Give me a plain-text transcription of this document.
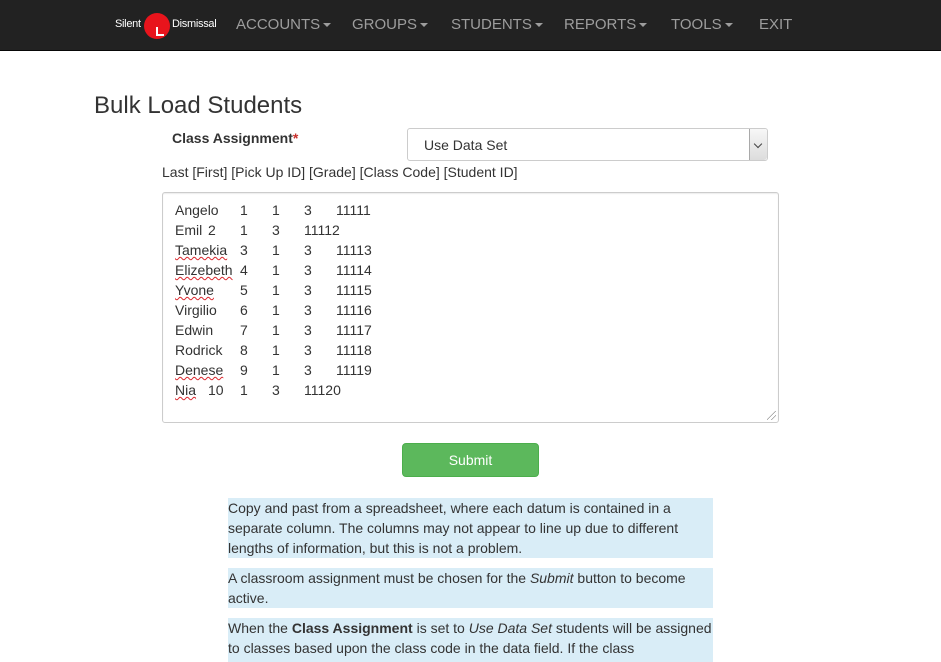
Silent	Dismissal ACCOUNTS	GROUPS	STUDENTS	REPORTS	TOOLS	EXIT
Bulk Load Students
Class Assignment*	Use Data Set
Last [First] [Pick Up ID] [Grade] [Class Code] [Student ID]
Angelo 1 1 3 11111
Emil 2 1 3 11112
Tamekia 3 1 3 11113
Elizebeth 4 1 3 11114
Yvone 5 1 3 11115
Virgilio 6 1 3 11116
Edwin 7 1 3 11117
Rodrick 8 1 3 11118
Denese 9 1 3 11119
Nia 10 1 3 11120
Submit
Copy and past from a spreadsheet, where each datum is contained in a separate column. The columns may not appear to line up due to different lengths of information, but this is not a problem.
A classroom assignment must be chosen for the Submit button to become active.
When the Class Assignment is set to Use Data Set students will be assigned to classes based upon the class code in the data field. If the class
